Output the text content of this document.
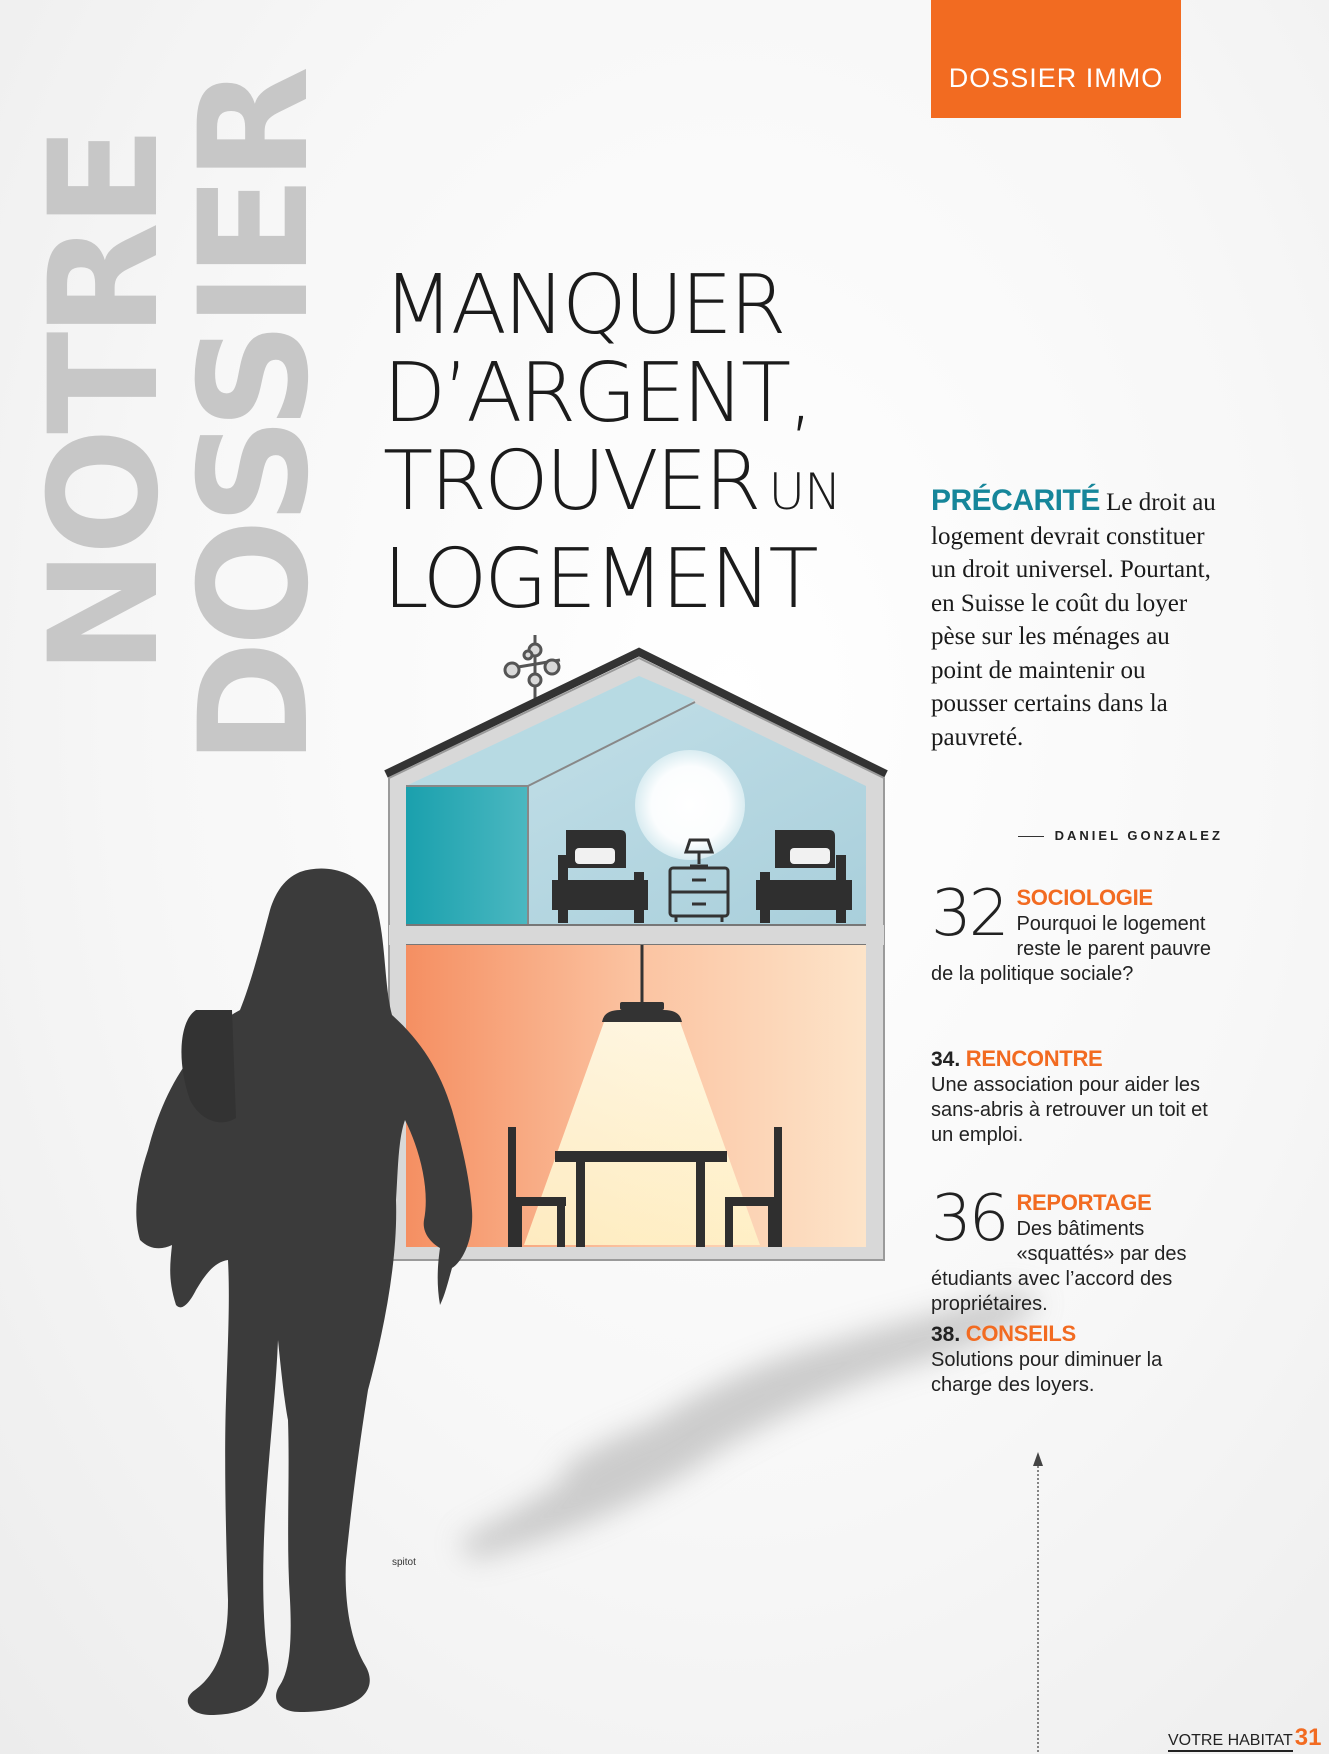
NOTRE
DOSSIER	DOSSIER IMMO
MANQUER
D’ARGENT,
TROUVER UN
LOGEMENT
PRÉCARITÉ Le droit au logement devrait constituer un droit universel. Pourtant, en Suisse le coût du loyer pèse sur les ménages au point de maintenir ou pousser certains dans la pauvreté.
DANIEL GONZALEZ
32 SOCIOLOGIE
Pourquoi le logement reste le parent pauvre de la politique sociale?
34. RENCONTRE
Une association pour aider les sans-abris à retrouver un toit et un emploi.
36 REPORTAGE
Des bâtiments «squattés» par des étudiants avec l’accord des propriétaires.
38. CONSEILS
Solutions pour diminuer la charge des loyers.
spitot
VOTRE HABITAT31
